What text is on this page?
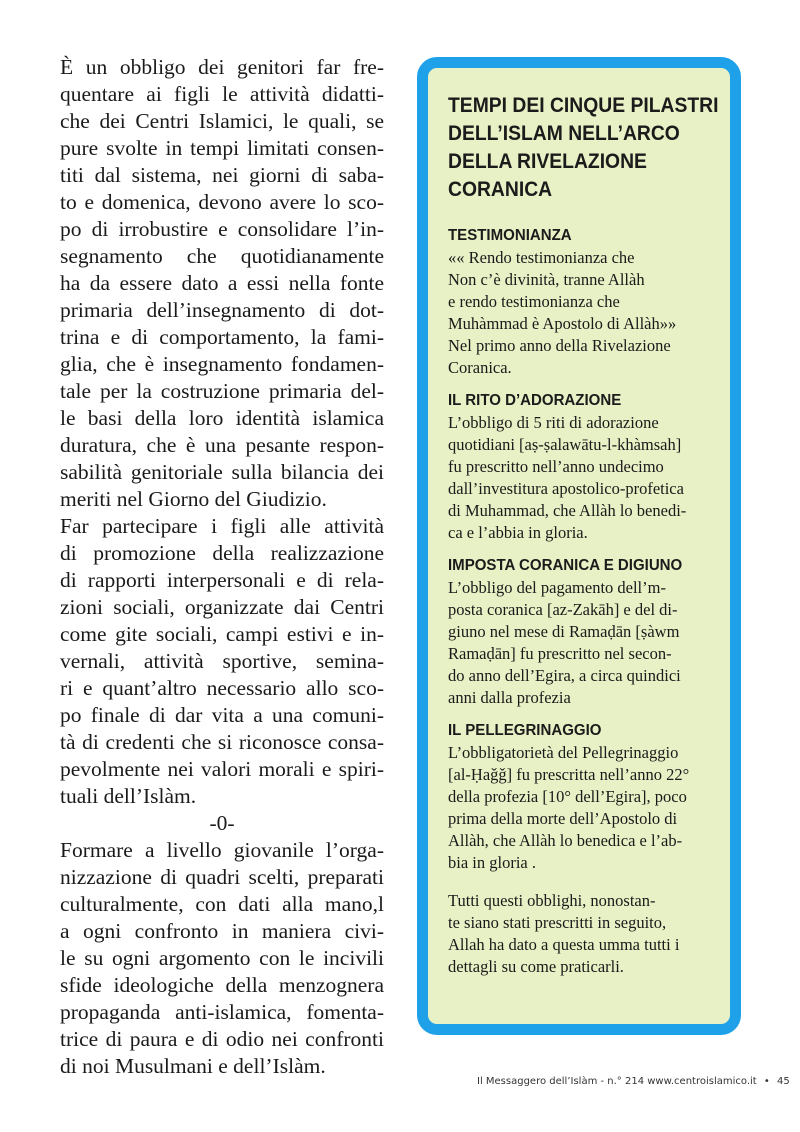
È un obbligo dei genitori far fre-
quentare ai figli le attività didatti-
che dei Centri Islamici, le quali, se
pure svolte in tempi limitati consen-
titi dal sistema, nei giorni di saba-
to e domenica, devono avere lo sco-
po di irrobustire e consolidare l’in-
segnamento che quotidianamente
ha da essere dato a essi nella fonte
primaria dell’insegnamento di dot-
trina e di comportamento, la fami-
glia, che è insegnamento fondamen-
tale per la costruzione primaria del-
le basi della loro identità islamica
duratura, che è una pesante respon-
sabilità genitoriale sulla bilancia dei
meriti nel Giorno del Giudizio.

Far partecipare i figli alle attività
di promozione della realizzazione
di rapporti interpersonali e di rela-
zioni sociali, organizzate dai Centri
come gite sociali, campi estivi e in-
vernali, attività sportive, semina-
ri e quant’altro necessario allo sco-
po finale di dar vita a una comuni-
tà di credenti che si riconosce consa-
pevolmente nei valori morali e spiri-
tuali dell’Islàm.

-0-

Formare a livello giovanile l’orga-
nizzazione di quadri scelti, preparati
culturalmente, con dati alla mano,l
a ogni confronto in maniera civi-
le su ogni argomento con le incivili
sfide ideologiche della menzognera
propaganda anti-islamica, fomenta-
trice di paura e di odio nei confronti
di noi Musulmani e dell’Islàm.

TEMPI DEI CINQUE PILASTRI DELL’ISLAM NELL’ARCO DELLA RIVELAZIONE CORANICA
TESTIMONIANZA
«« Rendo testimonianza che
Non c’è divinità, tranne Allàh
e rendo testimonianza che
Muhàmmad è Apostolo di Allàh»»
Nel primo anno della Rivelazione
Coranica.
IL RITO D’ADORAZIONE
L’obbligo di 5 riti di adorazione
quotidiani [aṣ-ṣalawātu-l-khàmsah]
fu prescritto nell’anno undecimo
dall’investitura apostolico-profetica
di Muhammad, che Allàh lo benedi-
ca e l’abbia in gloria.
IMPOSTA CORANICA E DIGIUNO
L’obbligo del pagamento dell’m-
posta coranica [az-Zakāh] e del di-
giuno nel mese di Ramaḍān [ṣàwm
Ramaḍān] fu prescritto nel secon-
do anno dell’Egira, a circa quindici
anni dalla profezia
IL PELLEGRINAGGIO
L’obbligatorietà del Pellegrinaggio
[al-Ḥaǧǧ] fu prescritta nell’anno 22°
della profezia [10° dell’Egira], poco
prima della morte dell’Apostolo di
Allàh, che Allàh lo benedica e l’ab-
bia in gloria .
Tutti questi obblighi, nonostan-
te siano stati prescritti in seguito,
Allah ha dato a questa umma tutti i
dettagli su come praticarli.
Il Messaggero dell’Islàm - n.° 214 www.centroislamico.it • 45
